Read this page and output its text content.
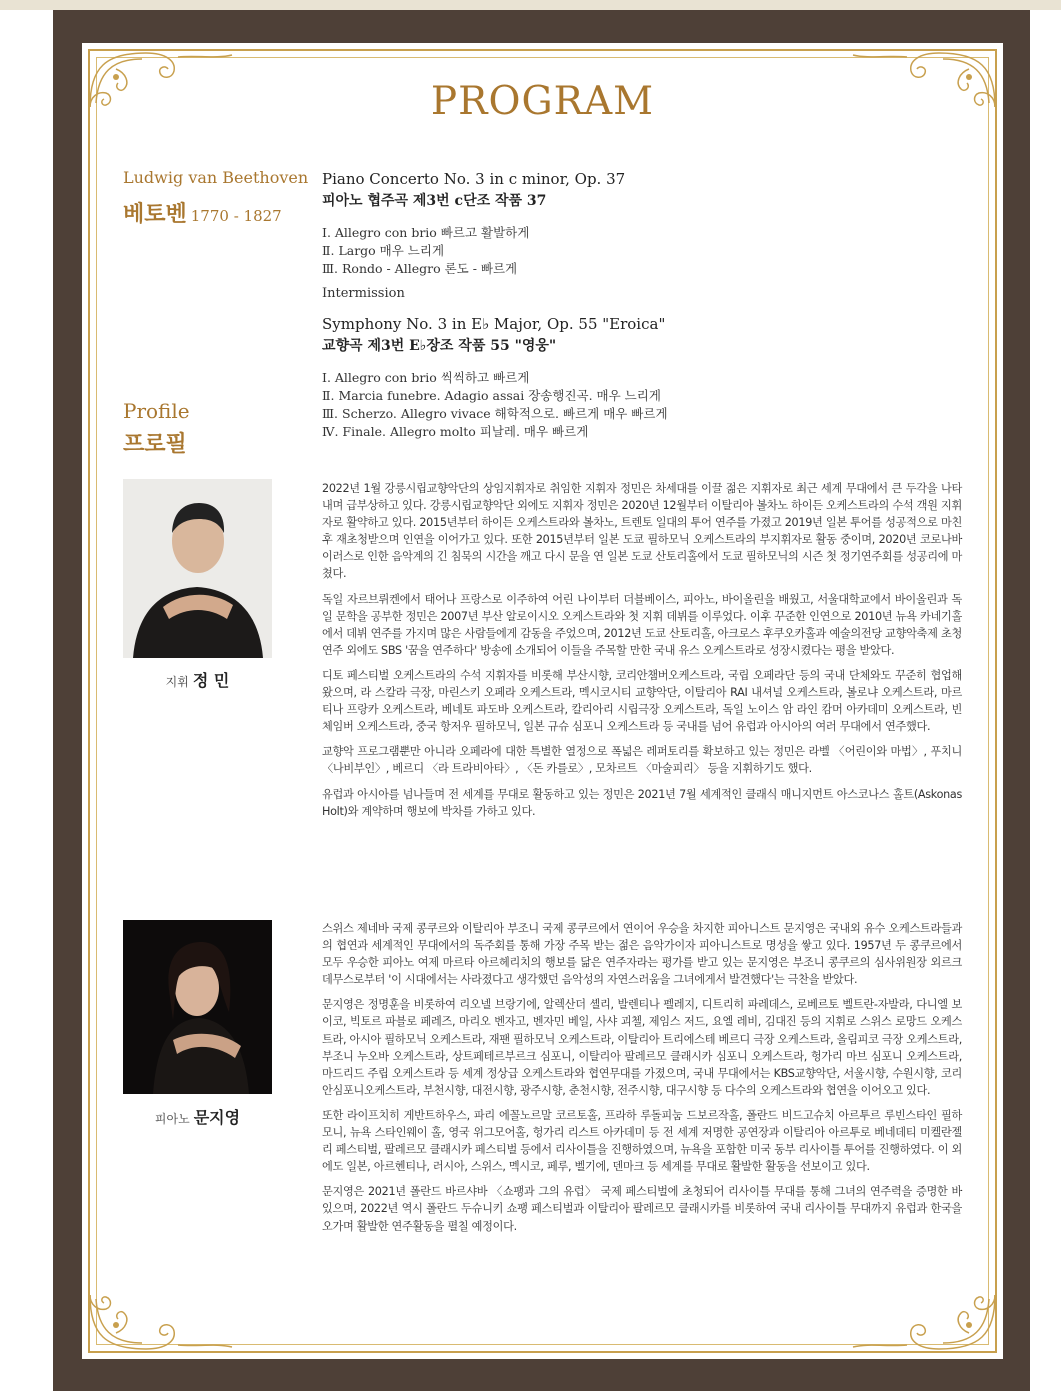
PROGRAM
Ludwig van Beethoven
베토벤 1770 - 1827
Piano Concerto No. 3 in c minor, Op. 37
피아노 협주곡 제3번 c단조 작품 37
Ⅰ. Allegro con brio 빠르고 활발하게
Ⅱ. Largo 매우 느리게
Ⅲ. Rondo - Allegro 론도 - 빠르게
Intermission
Symphony No. 3 in E♭ Major, Op. 55 "Eroica"
교향곡 제3번 E♭장조 작품 55 "영웅"
Ⅰ. Allegro con brio 씩씩하고 빠르게
Ⅱ. Marcia funebre. Adagio assai 장송행진곡. 매우 느리게
Ⅲ. Scherzo. Allegro vivace 해학적으로. 빠르게 매우 빠르게
Ⅳ. Finale. Allegro molto 피날레. 매우 빠르게
Profile
프로필
지휘 정 민

2022년 1월 강릉시립교향악단의 상임지휘자로 취임한 지휘자 정민은 차세대를 이끌 젊은 지휘자로 최근 세계 무대에서 큰 두각을 나타내며 급부상하고 있다. 강릉시립교향악단 외에도 지휘자 정민은 2020년 12월부터 이탈리아 볼차노 하이든 오케스트라의 수석 객원 지휘자로 활약하고 있다. 2015년부터 하이든 오케스트라와 볼차노, 트렌토 일대의 투어 연주를 가졌고 2019년 일본 투어를 성공적으로 마친 후 재초청받으며 인연을 이어가고 있다. 또한 2015년부터 일본 도쿄 필하모닉 오케스트라의 부지휘자로 활동 중이며, 2020년 코로나바이러스로 인한 음악계의 긴 침묵의 시간을 깨고 다시 문을 연 일본 도쿄 산토리홀에서 도쿄 필하모닉의 시즌 첫 정기연주회를 성공리에 마쳤다.

독일 자르브뤼켄에서 태어나 프랑스로 이주하여 어린 나이부터 더블베이스, 피아노, 바이올린을 배웠고, 서울대학교에서 바이올린과 독일 문학을 공부한 정민은 2007년 부산 알로이시오 오케스트라와 첫 지휘 데뷔를 이루었다. 이후 꾸준한 인연으로 2010년 뉴욕 카네기홀에서 데뷔 연주를 가지며 많은 사람들에게 감동을 주었으며, 2012년 도쿄 산토리홀, 아크로스 후쿠오카홀과 예술의전당 교향악축제 초청 연주 외에도 SBS '꿈을 연주하다' 방송에 소개되어 이들을 주목할 만한 국내 유스 오케스트라로 성장시켰다는 평을 받았다.

디토 페스티벌 오케스트라의 수석 지휘자를 비롯해 부산시향, 코리안챔버오케스트라, 국립 오페라단 등의 국내 단체와도 꾸준히 협업해왔으며, 라 스칼라 극장, 마린스키 오페라 오케스트라, 멕시코시티 교향악단, 이탈리아 RAI 내셔널 오케스트라, 볼로냐 오케스트라, 마르티나 프랑카 오케스트라, 베네토 파도바 오케스트라, 칼리아리 시립극장 오케스트라, 독일 노이스 암 라인 캄머 아카데미 오케스트라, 빈 체임버 오케스트라, 중국 항저우 필하모닉, 일본 규슈 심포니 오케스트라 등 국내를 넘어 유럽과 아시아의 여러 무대에서 연주했다.

교향악 프로그램뿐만 아니라 오페라에 대한 특별한 열정으로 폭넓은 레퍼토리를 확보하고 있는 정민은 라벨 〈어린이와 마법〉, 푸치니 〈나비부인〉, 베르디 〈라 트라비아타〉, 〈돈 카를로〉, 모차르트 〈마술피리〉 등을 지휘하기도 했다.

유럽과 아시아를 넘나들며 전 세계를 무대로 활동하고 있는 정민은 2021년 7월 세계적인 클래식 매니지먼트 아스코나스 홀트(Askonas Holt)와 계약하며 행보에 박차를 가하고 있다.

피아노 문지영

스위스 제네바 국제 콩쿠르와 이탈리아 부조니 국제 콩쿠르에서 연이어 우승을 차지한 피아니스트 문지영은 국내외 유수 오케스트라들과의 협연과 세계적인 무대에서의 독주회를 통해 가장 주목 받는 젊은 음악가이자 피아니스트로 명성을 쌓고 있다. 1957년 두 콩쿠르에서 모두 우승한 피아노 여제 마르타 아르헤리치의 행보를 닮은 연주자라는 평가를 받고 있는 문지영은 부조니 콩쿠르의 심사위원장 외르크 데무스로부터 '이 시대에서는 사라졌다고 생각했던 음악성의 자연스러움을 그녀에게서 발견했다'는 극찬을 받았다.

문지영은 정명훈을 비롯하여 리오넬 브랑기에, 알렉산더 셸리, 발렌티나 펠레지, 디트리히 파레데스, 로베르토 벨트란-자발라, 다니엘 보이코, 빅토르 파블로 페레즈, 마리오 벤자고, 벤자민 베일, 사샤 괴첼, 제임스 저드, 요엘 레비, 김대진 등의 지휘로 스위스 로망드 오케스트라, 아시아 필하모닉 오케스트라, 재팬 필하모닉 오케스트라, 이탈리아 트리에스테 베르디 극장 오케스트라, 올림피코 극장 오케스트라, 부조니 누오바 오케스트라, 상트페테르부르크 심포니, 이탈리아 팔레르모 클래시카 심포니 오케스트라, 헝가리 마브 심포니 오케스트라, 마드리드 주립 오케스트라 등 세계 정상급 오케스트라와 협연무대를 가졌으며, 국내 무대에서는 KBS교향악단, 서울시향, 수원시향, 코리안심포니오케스트라, 부천시향, 대전시향, 광주시향, 춘천시향, 전주시향, 대구시향 등 다수의 오케스트라와 협연을 이어오고 있다.

또한 라이프치히 게반트하우스, 파리 에꼴노르말 코르토홀, 프라하 루돌피눔 드보르작홀, 폴란드 비드고슈치 아르투르 루빈스타인 필하모니, 뉴욕 스타인웨이 홀, 영국 위그모어홀, 헝가리 리스트 아카데미 등 전 세계 저명한 공연장과 이탈리아 아르투로 베네데티 미켈란젤리 페스티벌, 팔레르모 클래시카 페스티벌 등에서 리사이틀을 진행하였으며, 뉴욕을 포함한 미국 동부 리사이틀 투어를 진행하였다. 이 외에도 일본, 아르헨티나, 러시아, 스위스, 멕시코, 페루, 벨기에, 덴마크 등 세계를 무대로 활발한 활동을 선보이고 있다.

문지영은 2021년 폴란드 바르샤바 〈쇼팽과 그의 유럽〉 국제 페스티벌에 초청되어 리사이틀 무대를 통해 그녀의 연주력을 증명한 바 있으며, 2022년 역시 폴란드 두슈니키 쇼팽 페스티벌과 이탈리아 팔레르모 클래시카를 비롯하여 국내 리사이틀 무대까지 유럽과 한국을 오가며 활발한 연주활동을 펼칠 예정이다.
